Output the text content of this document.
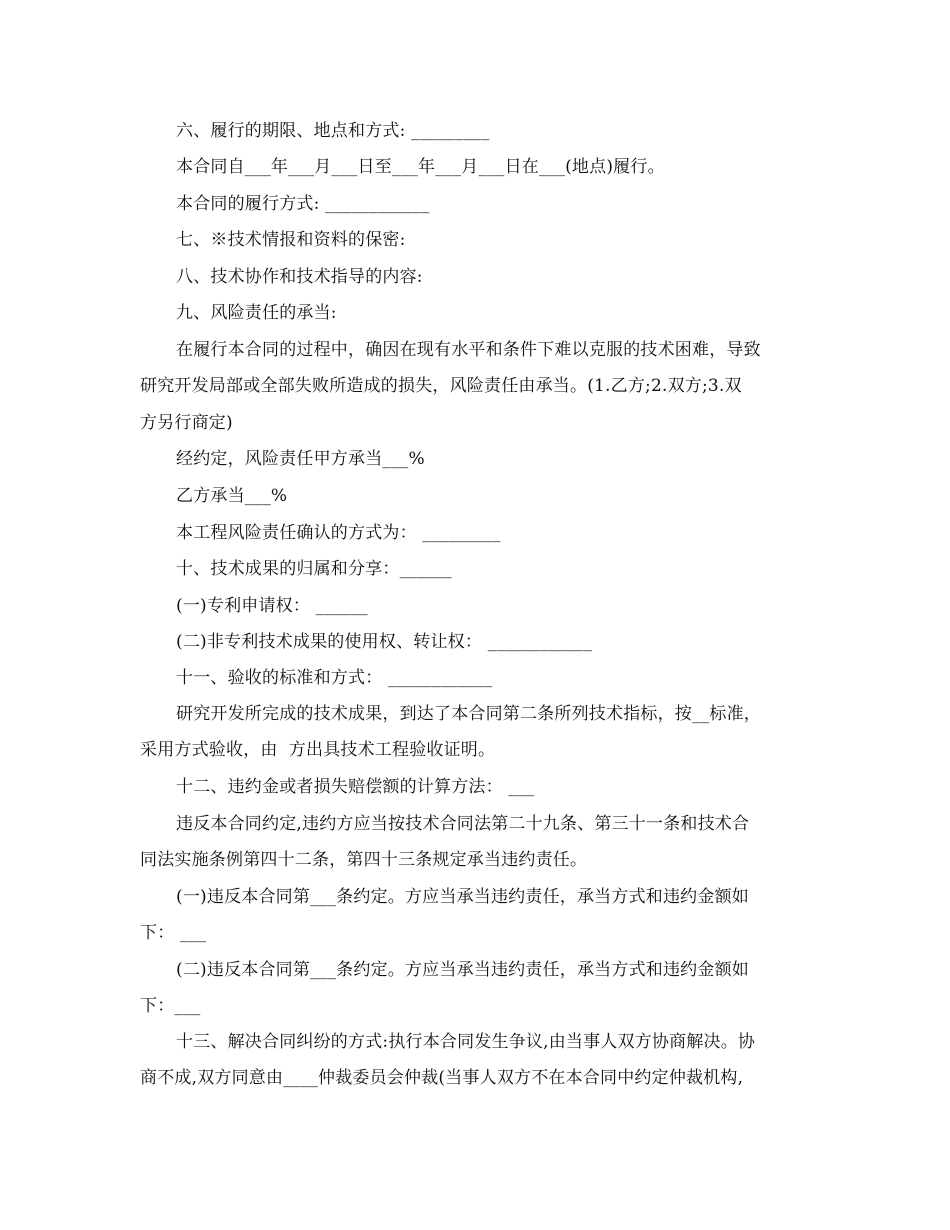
六、履行的期限、地点和方式: _________
本合同自___年___月___日至___年___月___日在___(地点)履行。
本合同的履行方式: ____________
七、※技术情报和资料的保密:
八、技术协作和技术指导的内容:
九、风险责任的承当:
在履行本合同的过程中，确因在现有水平和条件下难以克服的技术困难，导致
研究开发局部或全部失败所造成的损失，风险责任由承当。(1.乙方;2.双方;3.双
方另行商定)
经约定，风险责任甲方承当___%
乙方承当___%
本工程风险责任确认的方式为： _________
十、技术成果的归属和分享：______
(一)专利申请权： ______
(二)非专利技术成果的使用权、转让权： ____________
十一、验收的标准和方式： ____________
研究开发所完成的技术成果，到达了本合同第二条所列技术指标，按__标准，
采用方式验收，由  方出具技术工程验收证明。
十二、违约金或者损失赔偿额的计算方法： ___
违反本合同约定,违约方应当按技术合同法第二十九条、第三十一条和技术合
同法实施条例第四十二条，第四十三条规定承当违约责任。
(一)违反本合同第___条约定。方应当承当违约责任，承当方式和违约金额如
下： ___
(二)违反本合同第___条约定。方应当承当违约责任，承当方式和违约金额如
下：___
十三、解决合同纠纷的方式:执行本合同发生争议,由当事人双方协商解决。协
商不成,双方同意由____仲裁委员会仲裁(当事人双方不在本合同中约定仲裁机构,
